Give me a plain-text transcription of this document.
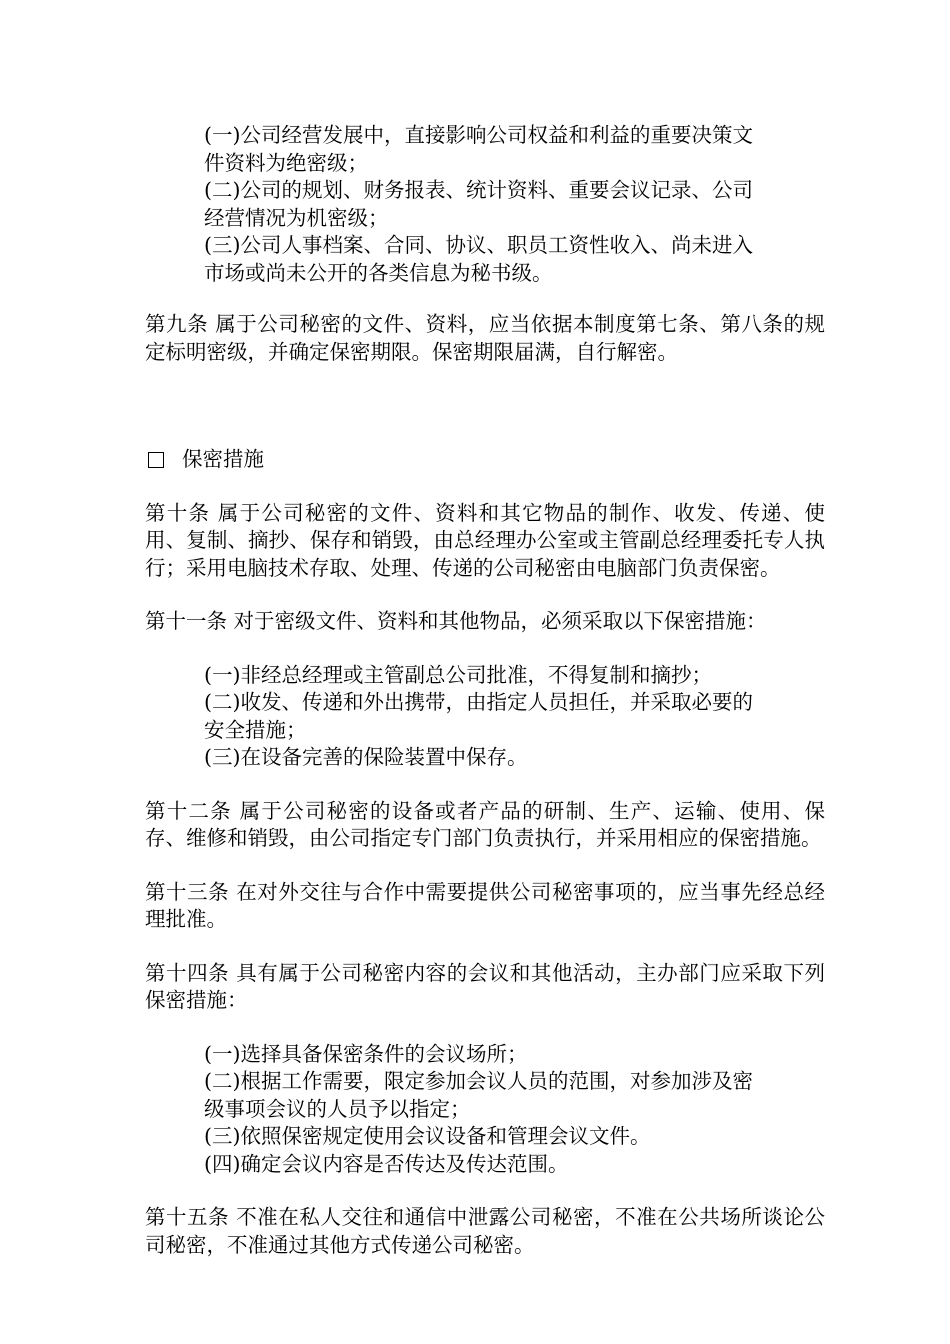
(一)公司经营发展中，直接影响公司权益和利益的重要决策文件资料为绝密级；

(二)公司的规划、财务报表、统计资料、重要会议记录、公司经营情况为机密级；

(三)公司人事档案、合同、协议、职员工资性收入、尚未进入市场或尚未公开的各类信息为秘书级。

第九条 属于公司秘密的文件、资料，应当依据本制度第七条、第八条的规定标明密级，并确定保密期限。保密期限届满，自行解密。

保密措施

第十条 属于公司秘密的文件、资料和其它物品的制作、收发、传递、使用、复制、摘抄、保存和销毁，由总经理办公室或主管副总经理委托专人执行；采用电脑技术存取、处理、传递的公司秘密由电脑部门负责保密。

第十一条 对于密级文件、资料和其他物品，必须采取以下保密措施：

(一)非经总经理或主管副总公司批准，不得复制和摘抄；

(二)收发、传递和外出携带，由指定人员担任，并采取必要的安全措施；

(三)在设备完善的保险装置中保存。

第十二条 属于公司秘密的设备或者产品的研制、生产、运输、使用、保存、维修和销毁，由公司指定专门部门负责执行，并采用相应的保密措施。

第十三条 在对外交往与合作中需要提供公司秘密事项的，应当事先经总经理批准。

第十四条 具有属于公司秘密内容的会议和其他活动，主办部门应采取下列保密措施：

(一)选择具备保密条件的会议场所；

(二)根据工作需要，限定参加会议人员的范围，对参加涉及密级事项会议的人员予以指定；

(三)依照保密规定使用会议设备和管理会议文件。

(四)确定会议内容是否传达及传达范围。

第十五条 不准在私人交往和通信中泄露公司秘密，不准在公共场所谈论公司秘密，不准通过其他方式传递公司秘密。
